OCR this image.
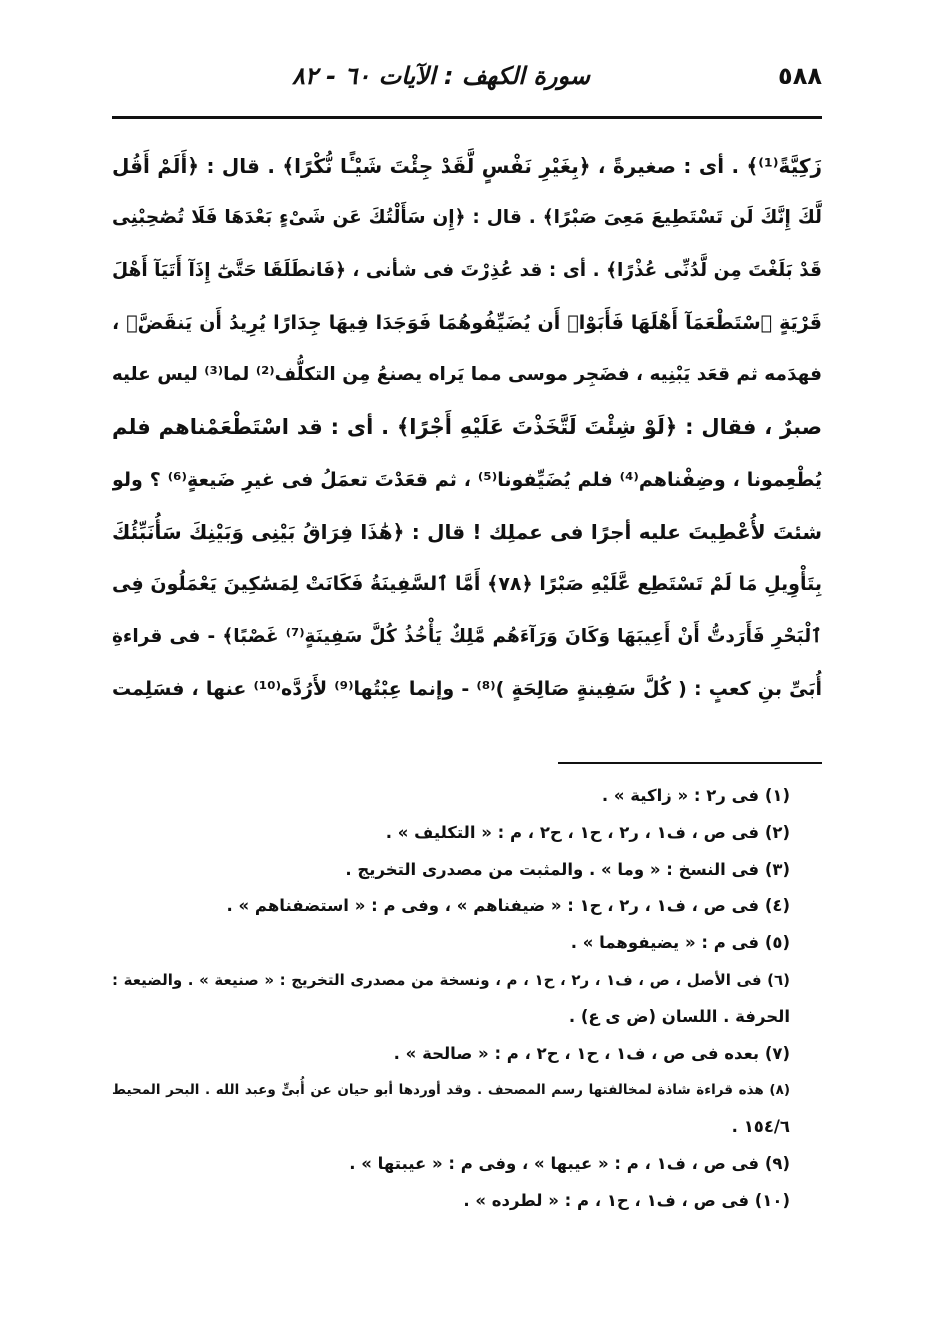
٥٨٨
سورة الكهف : الآيات ٦٠ - ٨٢
زَكِيَّةً⁽¹⁾﴾ . أى : صغيرةً ، ﴿بِغَيْرِ نَفْسٍ لَّقَدْ جِئْتَ شَيْـًٔا نُّكْرًا﴾ . قال : ﴿أَلَمْ أَقُل
لَّكَ إِنَّكَ لَن تَسْتَطِيعَ مَعِىَ صَبْرًا﴾ . قال : ﴿إِن سَأَلْتُكَ عَن شَىْءٍ بَعْدَهَا فَلَا تُصَٰحِبْنِى
قَدْ بَلَغْتَ مِن لَّدُنِّى عُذْرًا﴾ . أى : قد عُذِرْتَ فى شأنى ، ﴿فَانطَلَقَا حَتَّىٰٓ إِذَآ أَتَيَآ أَهْلَ
قَرْيَةٍ ٱسْتَطْعَمَآ أَهْلَهَا فَأَبَوْا۟ أَن يُضَيِّفُوهُمَا فَوَجَدَا فِيهَا جِدَارًا يُرِيدُ أَن يَنقَضَّ﴾ ،
فهدَمه ثم قعَد يَبْنِيه ، فضَجِر موسى مما يَراه يصنعُ مِن التكلُّف⁽²⁾ لما⁽³⁾ ليس عليه
صبرٌ ، فقال : ﴿لَوْ شِئْتَ لَتَّخَذْتَ عَلَيْهِ أَجْرًا﴾ . أى : قد اسْتَطْعَمْناهم فلم
يُطْعِمونا ، وضِفْناهم⁽⁴⁾ فلم يُضَيِّفونا⁽⁵⁾ ، ثم قعَدْتَ تعمَلُ فى غيرِ ضَيعةٍ⁽⁶⁾ ؟ ولو
شئتَ لأُعْطِيتَ عليه أجرًا فى عملِك ! قال : ﴿هَٰذَا فِرَاقُ بَيْنِى وَبَيْنِكَ سَأُنَبِّئُكَ
بِتَأْوِيلِ مَا لَمْ تَسْتَطِع عَّلَيْهِ صَبْرًا ﴿٧٨﴾ أَمَّا ٱلسَّفِينَةُ فَكَانَتْ لِمَسَٰكِينَ يَعْمَلُونَ فِى
ٱلْبَحْرِ فَأَرَدتُّ أَنْ أَعِيبَهَا وَكَانَ وَرَآءَهُم مَّلِكٌ يَأْخُذُ كُلَّ سَفِينَةٍ⁽⁷⁾ غَصْبًا﴾ - فى قراءةِ
أُبَىِّ بنِ كعبٍ : ( كُلَّ سَفِينةٍ صَالِحَةٍ )⁽⁸⁾ - وإنما عِبْتُها⁽⁹⁾ لأَرُدَّه⁽¹⁰⁾ عنها ، فسَلِمت
(١) فى ر٢ : « زاكية » .
(٢) فى ص ، ف١ ، ر٢ ، ح١ ، ح٢ ، م : « التكليف » .
(٣) فى النسخ : « وما » . والمثبت من مصدرى التخريج .
(٤) فى ص ، ف١ ، ر٢ ، ح١ : « ضيفناهم » ، وفى م : « استضفناهم » .
(٥) فى م : « يضيفوهما » .
(٦) فى الأصل ، ص ، ف١ ، ر٢ ، ح١ ، م ، ونسخة من مصدرى التخريج : « صنيعة » . والضيعة :
الحرفة . اللسان (ض ى ع) .
(٧) بعده فى ص ، ف١ ، ح١ ، ح٢ ، م : « صالحة » .
(٨) هذه قراءة شاذة لمخالفتها رسم المصحف . وقد أوردها أبو حيان عن أُبىٍّ وعبد الله . البحر المحيط
١٥٤/٦ .
(٩) فى ص ، ف١ ، م : « عيبها » ، وفى م : « عيبتها » .
(١٠) فى ص ، ف١ ، ح١ ، م : « لطرده » .
